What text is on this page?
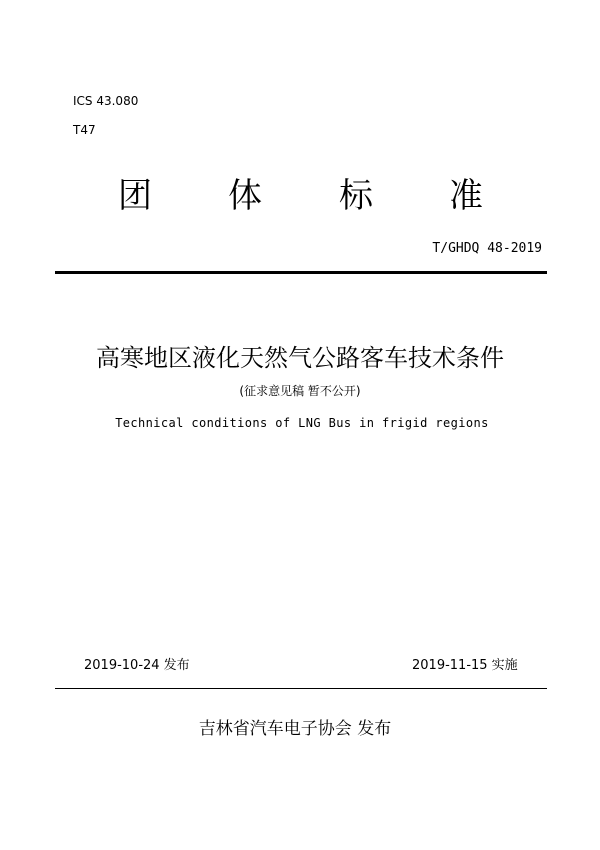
ICS 43.080
T47
团 体 标 准
T/GHDQ 48-2019
高寒地区液化天然气公路客车技术条件
(征求意见稿 暂不公开)
Technical conditions of LNG Bus in frigid regions
2019-10-24 发布	2019-11-15 实施
吉林省汽车电子协会 发布
